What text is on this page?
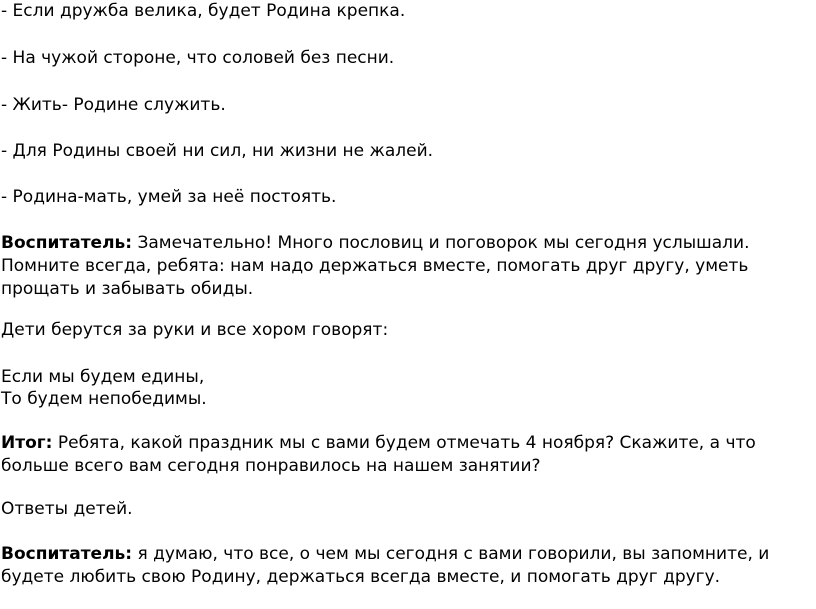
- Если дружба велика, будет Родина крепка.
- На чужой стороне, что соловей без песни.
- Жить- Родине служить.
- Для Родины своей ни сил, ни жизни не жалей.
- Родина-мать, умей за неё постоять.
Воспитатель: Замечательно! Много пословиц и поговорок мы сегодня услышали.
Помните всегда, ребята: нам надо держаться вместе, помогать друг другу, уметь
прощать и забывать обиды.
Дети берутся за руки и все хором говорят:
Если мы будем едины,
То будем непобедимы.
Итог: Ребята, какой праздник мы с вами будем отмечать 4 ноября? Скажите, а что
больше всего вам сегодня понравилось на нашем занятии?
Ответы детей.
Воспитатель: я думаю, что все, о чем мы сегодня с вами говорили, вы запомните, и
будете любить свою Родину, держаться всегда вместе, и помогать друг другу.
